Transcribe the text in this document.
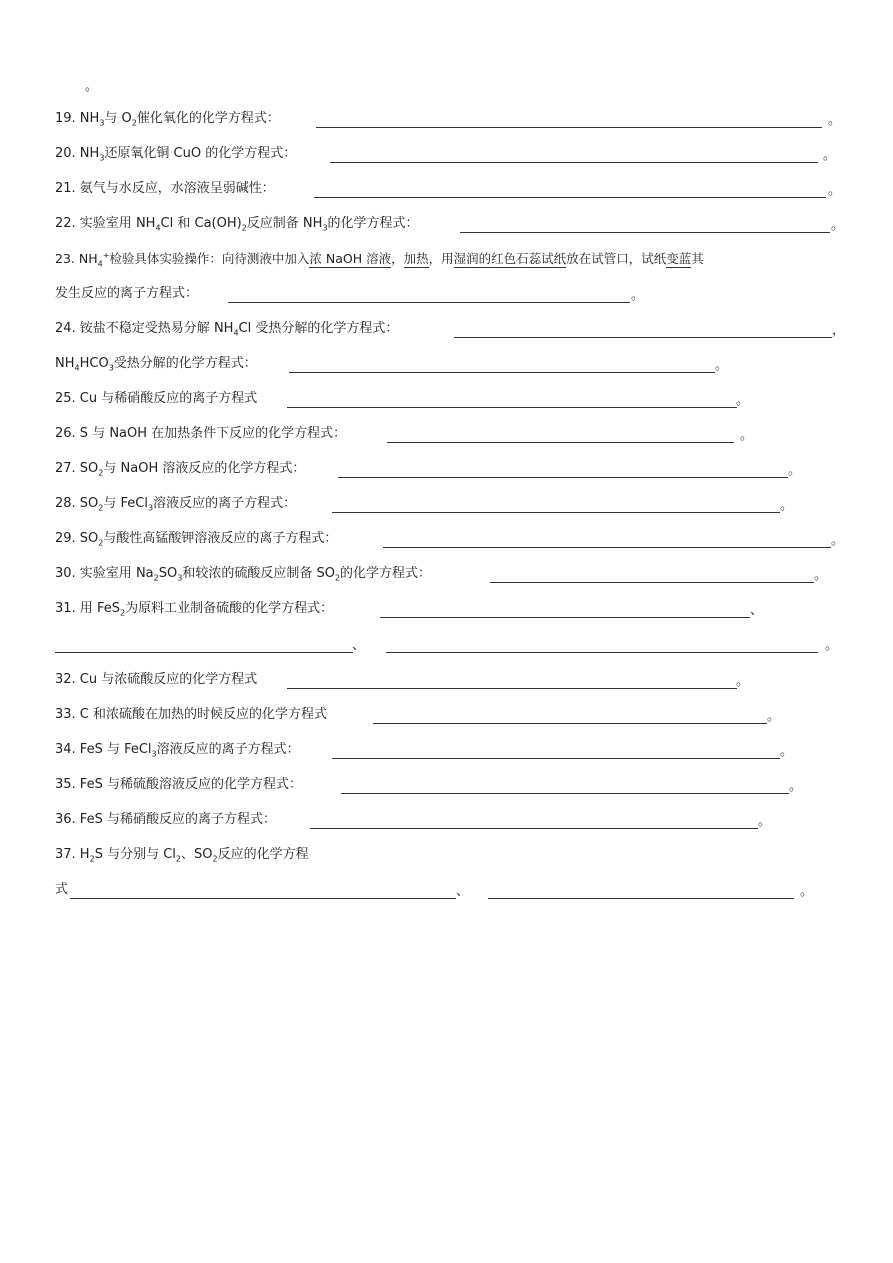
。
19. $NH_3$与 $O_2$催化氧化的化学方程式：	。
20. $NH_3$还原氧化铜 CuO 的化学方程式：	。
21. 氨气与水反应，水溶液呈弱碱性：	。
22. 实验室用 $NH_4Cl$ 和 $Ca(OH)_2$反应制备 $NH_3$的化学方程式：	。
23. $NH_4^+$检验具体实验操作：向待测液中加入浓 NaOH 溶液，加热，用湿润的红色石蕊试纸放在试管口，试纸变蓝其
发生反应的离子方程式：	。
24. 铵盐不稳定受热易分解 $NH_4Cl$ 受热分解的化学方程式：	，
$NH_4HCO_3$受热分解的化学方程式：	。
25. Cu 与稀硝酸反应的离子方程式	。
26. S 与 NaOH 在加热条件下反应的化学方程式：	。
27. $SO_2$与 NaOH 溶液反应的化学方程式：	。
28. $SO_2$与 FeCl$_3$溶液反应的离子方程式：	。
29. $SO_2$与酸性高锰酸钾溶液反应的离子方程式：	。
30. 实验室用 $Na_2SO_3$和较浓的硫酸反应制备 $SO_2$的化学方程式：	。
31. 用 FeS$_2$为原料工业制备硫酸的化学方程式：	、
、	。
32. Cu 与浓硫酸反应的化学方程式	。
33. C 和浓硫酸在加热的时候反应的化学方程式	。
34. FeS 与 FeCl$_3$溶液反应的离子方程式：	。
35. FeS 与稀硫酸溶液反应的化学方程式：	。
36. FeS 与稀硝酸反应的离子方程式：	。
37. $H_2S$ 与分别与 $Cl_2$、$SO_2$反应的化学方程
式	、	。
